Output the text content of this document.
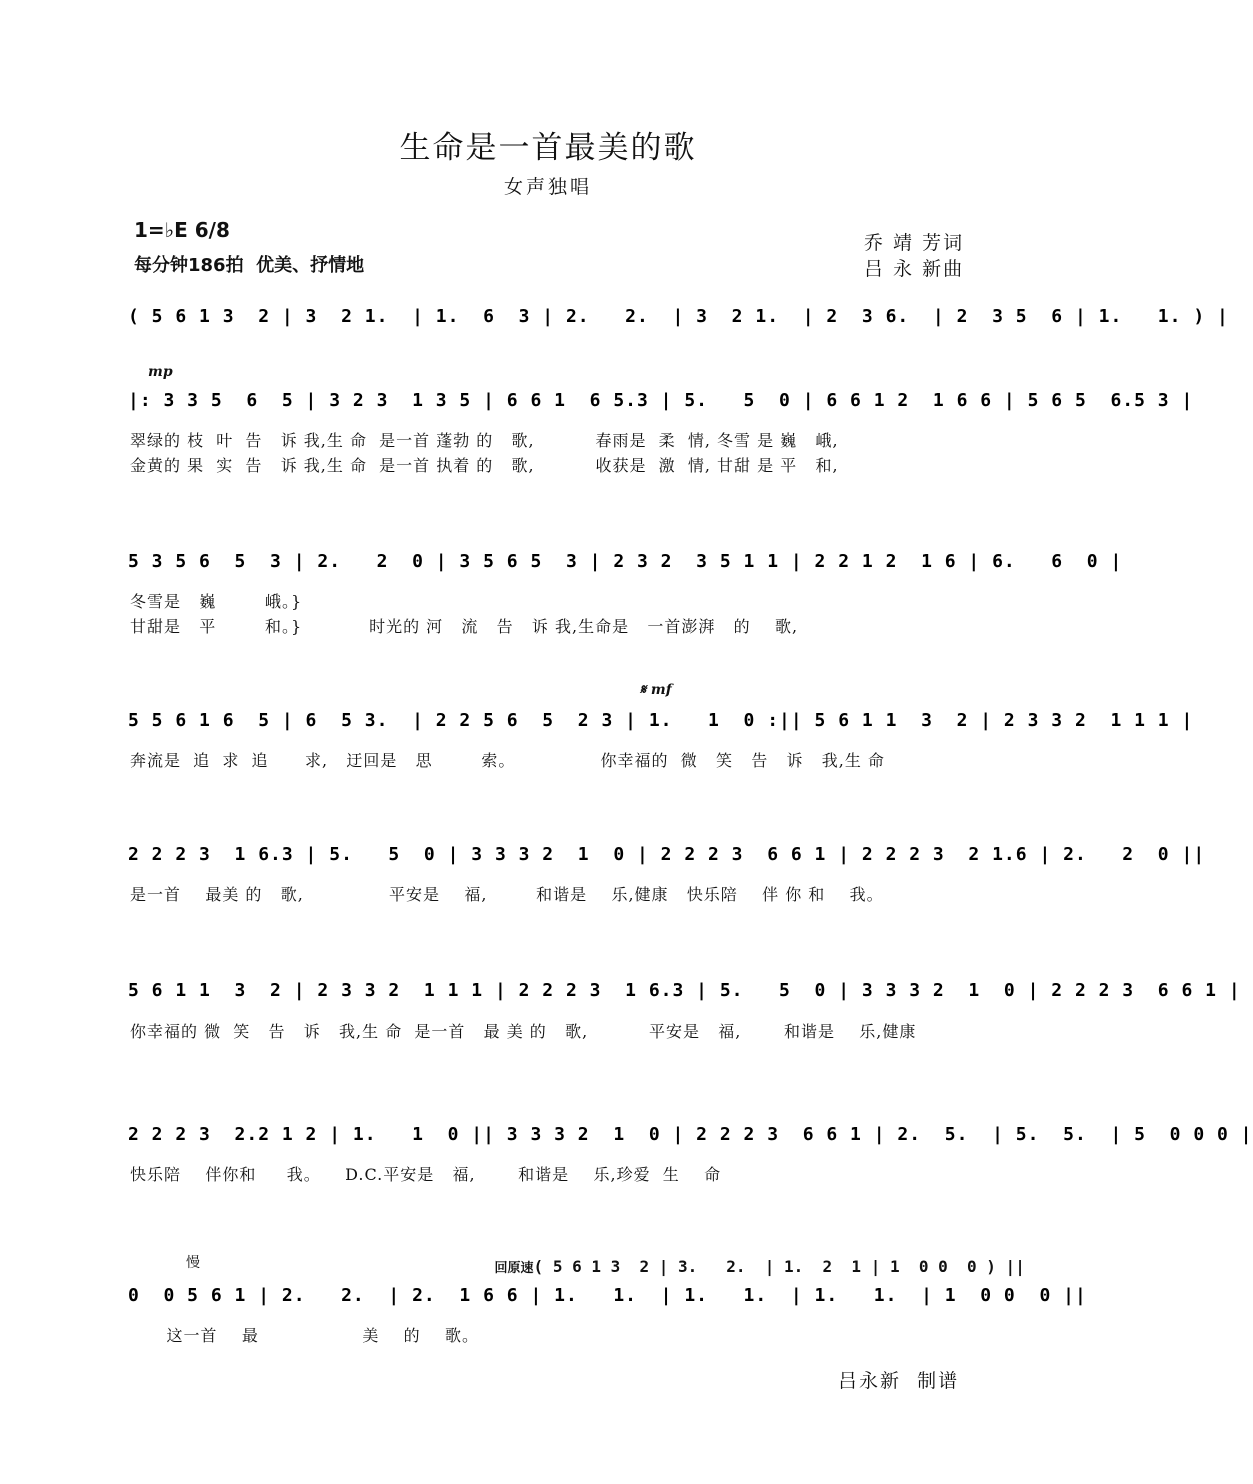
生命是一首最美的歌
女声独唱
1=♭E 6/8
每分钟186拍  优美、抒情地
乔 靖 芳词
吕 永 新曲
( 5 6 1 3  2 | 3  2 1.  | 1.  6  3 | 2.   2.  | 3  2 1.  | 2  3 6.  | 2  3 5  6 | 1.   1. ) |
mp
|: 3 3 5  6  5 | 3 2 3  1 3 5 | 6 6 1  6 5.3 | 5.   5  0 | 6 6 1 2  1 6 6 | 5 6 5  6.5 3 |
翠绿的 枝  叶  告   诉 我,生 命  是一首 蓬勃 的   歌,          春雨是  柔  情, 冬雪 是 巍   峨,
金黄的 果  实  告   诉 我,生 命  是一首 执着 的   歌,          收获是  激  情, 甘甜 是 平   和,
5 3 5 6  5  3 | 2.   2  0 | 3 5 6 5  3 | 2 3 2  3 5 1 1 | 2 2 1 2  1 6 | 6.   6  0 |
冬雪是   巍        峨。}
甘甜是   平        和。}           时光的 河   流   告   诉 我,生命是   一首澎湃   的    歌,
𝄋 mf
5 5 6 1 6  5 | 6  5 3.  | 2 2 5 6  5  2 3 | 1.   1  0 :|| 5 6 1 1  3  2 | 2 3 3 2  1 1 1 |
奔流是  追  求  追      求,   迂回是   思        索。              你幸福的  微   笑   告   诉   我,生 命
2 2 2 3  1 6.3 | 5.   5  0 | 3 3 3 2  1  0 | 2 2 2 3  6 6 1 | 2 2 2 3  2 1.6 | 2.   2  0 ||
是一首    最美 的   歌,              平安是    福,        和谐是    乐,健康   快乐陪    伴 你 和    我。
5 6 1 1  3  2 | 2 3 3 2  1 1 1 | 2 2 2 3  1 6.3 | 5.   5  0 | 3 3 3 2  1  0 | 2 2 2 3  6 6 1 |
你幸福的 微  笑   告   诉   我,生 命  是一首   最 美 的   歌,          平安是   福,       和谐是    乐,健康
2 2 2 3  2.2 1 2 | 1.   1  0 || 3 3 3 2  1  0 | 2 2 2 3  6 6 1 | 2.  5.  | 5.  5.  | 5  0 0 0 |
快乐陪    伴你和     我。    D.C.平安是   福,       和谐是    乐,珍爱  生    命

回原速( 5 6 1 3  2 | 3.   2.  | 1.  2  1 | 1  0 0  0 ) ||

慢
0  0 5 6 1 | 2.   2.  | 2.  1 6 6 | 1.   1.  | 1.   1.  | 1.   1.  | 1  0 0  0 ||
这一首    最                 美    的    歌。
吕永新  制谱
